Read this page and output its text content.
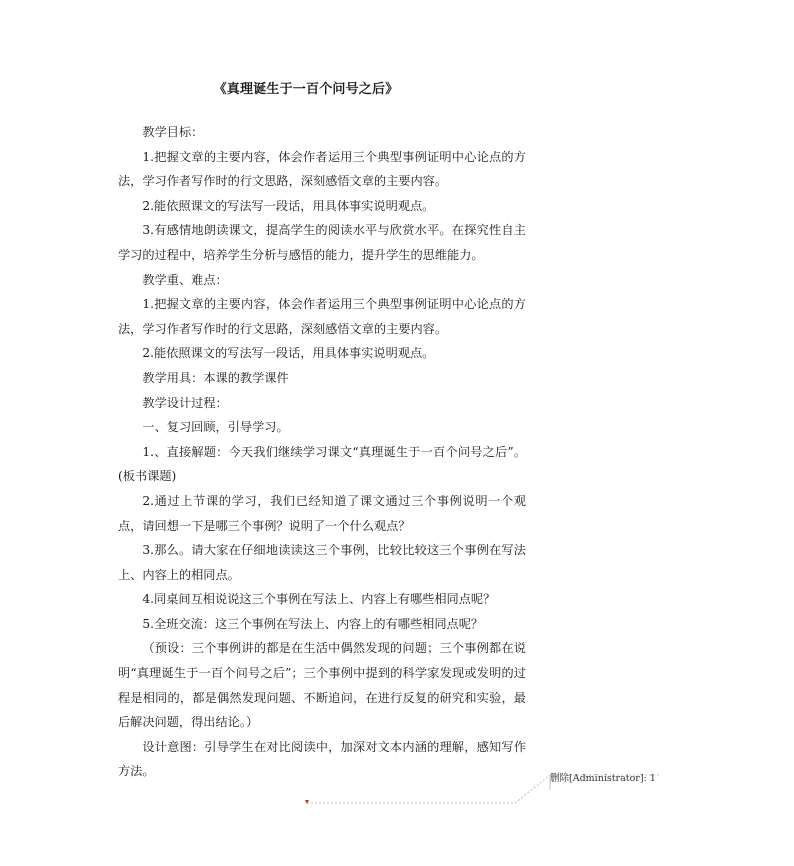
《真理诞生于一百个问号之后》

教学目标：

1.把握文章的主要内容，体会作者运用三个典型事例证明中心论点的方法，学习作者写作时的行文思路，深刻感悟文章的主要内容。

2.能依照课文的写法写一段话，用具体事实说明观点。

3.有感情地朗读课文，提高学生的阅读水平与欣赏水平。在探究性自主学习的过程中，培养学生分析与感悟的能力，提升学生的思维能力。

教学重、难点：

1.把握文章的主要内容，体会作者运用三个典型事例证明中心论点的方法，学习作者写作时的行文思路，深刻感悟文章的主要内容。

2.能依照课文的写法写一段话，用具体事实说明观点。

教学用具：本课的教学课件

教学设计过程：

一、复习回顾，引导学习。

1.、直接解题：今天我们继续学习课文“真理诞生于一百个问号之后”。(板书课题)

2.通过上节课的学习，我们已经知道了课文通过三个事例说明一个观点，请回想一下是哪三个事例？说明了一个什么观点？

3.那么。请大家在仔细地读读这三个事例，比较比较这三个事例在写法上、内容上的相同点。

4.同桌间互相说说这三个事例在写法上、内容上有哪些相同点呢？

5.全班交流：这三个事例在写法上、内容上的有哪些相同点呢？

（预设：三个事例讲的都是在生活中偶然发现的问题；三个事例都在说明“真理诞生于一百个问号之后”；三个事例中提到的科学家发现或发明的过程是相同的，都是偶然发现问题、不断追问，在进行反复的研究和实验，最后解决问题，得出结论。）

设计意图：引导学生在对比阅读中，加深对文本内涵的理解，感知写作方法。

删除[Administrator]: 1
